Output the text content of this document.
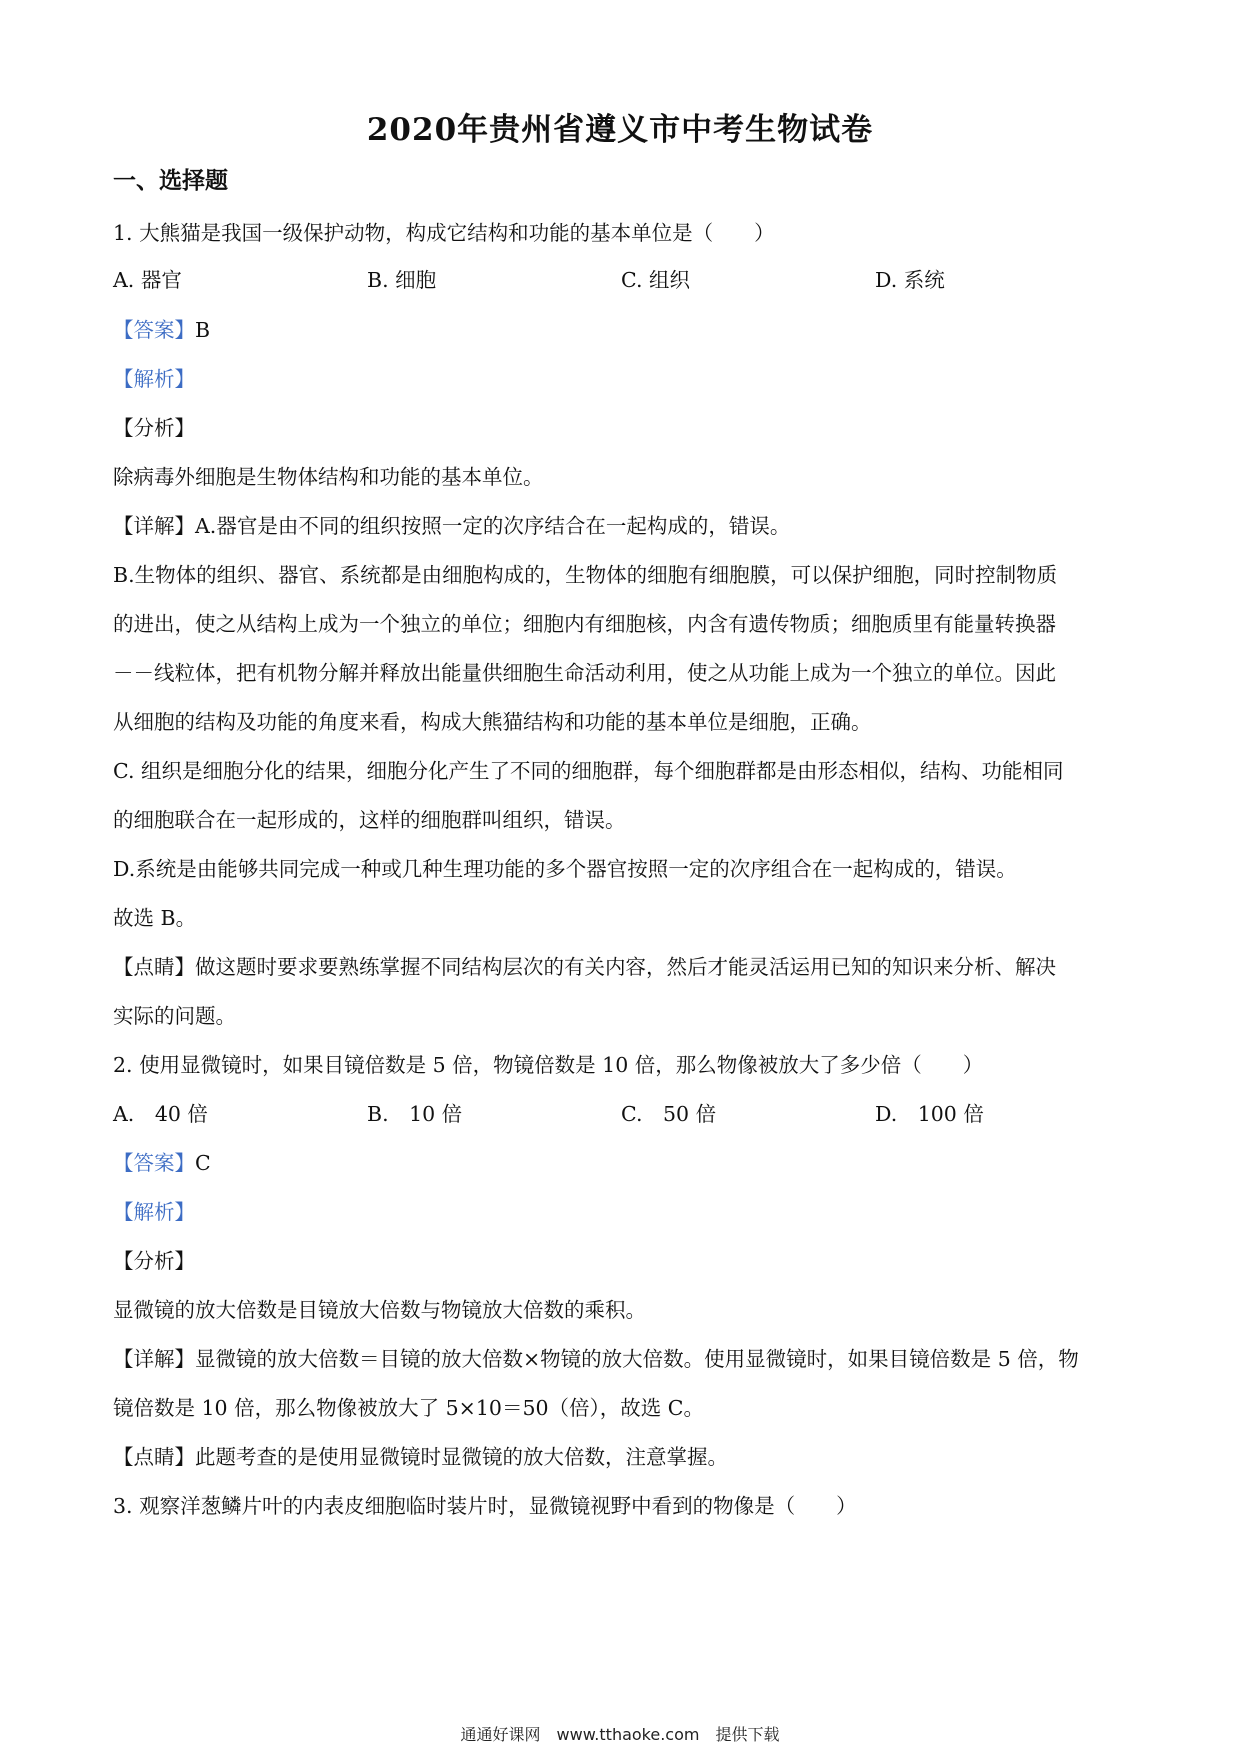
2020年贵州省遵义市中考生物试卷
一、选择题
1. 大熊猫是我国一级保护动物，构成它结构和功能的基本单位是（　　）
A. 器官	B. 细胞	C. 组织	D. 系统
【答案】B
【解析】
【分析】
除病毒外细胞是生物体结构和功能的基本单位。
【详解】A.器官是由不同的组织按照一定的次序结合在一起构成的，错误。
B.生物体的组织、器官、系统都是由细胞构成的，生物体的细胞有细胞膜，可以保护细胞，同时控制物质
的进出，使之从结构上成为一个独立的单位；细胞内有细胞核，内含有遗传物质；细胞质里有能量转换器
－－线粒体，把有机物分解并释放出能量供细胞生命活动利用，使之从功能上成为一个独立的单位。因此
从细胞的结构及功能的角度来看，构成大熊猫结构和功能的基本单位是细胞，正确。
C. 组织是细胞分化的结果，细胞分化产生了不同的细胞群，每个细胞群都是由形态相似，结构、功能相同
的细胞联合在一起形成的，这样的细胞群叫组织，错误。
D.系统是由能够共同完成一种或几种生理功能的多个器官按照一定的次序组合在一起构成的，错误。
故选 B。
【点睛】做这题时要求要熟练掌握不同结构层次的有关内容，然后才能灵活运用已知的知识来分析、解决
实际的问题。
2. 使用显微镜时，如果目镜倍数是 5 倍，物镜倍数是 10 倍，那么物像被放大了多少倍（　　）
A.　40 倍	B.　10 倍	C.　50 倍	D.　100 倍
【答案】C
【解析】
【分析】
显微镜的放大倍数是目镜放大倍数与物镜放大倍数的乘积。
【详解】显微镜的放大倍数＝目镜的放大倍数×物镜的放大倍数。使用显微镜时，如果目镜倍数是 5 倍，物
镜倍数是 10 倍，那么物像被放大了 5×10＝50（倍），故选 C。
【点睛】此题考查的是使用显微镜时显微镜的放大倍数，注意掌握。
3. 观察洋葱鳞片叶的内表皮细胞临时装片时，显微镜视野中看到的物像是（　　）
通通好课网　www.tthaoke.com　提供下载
